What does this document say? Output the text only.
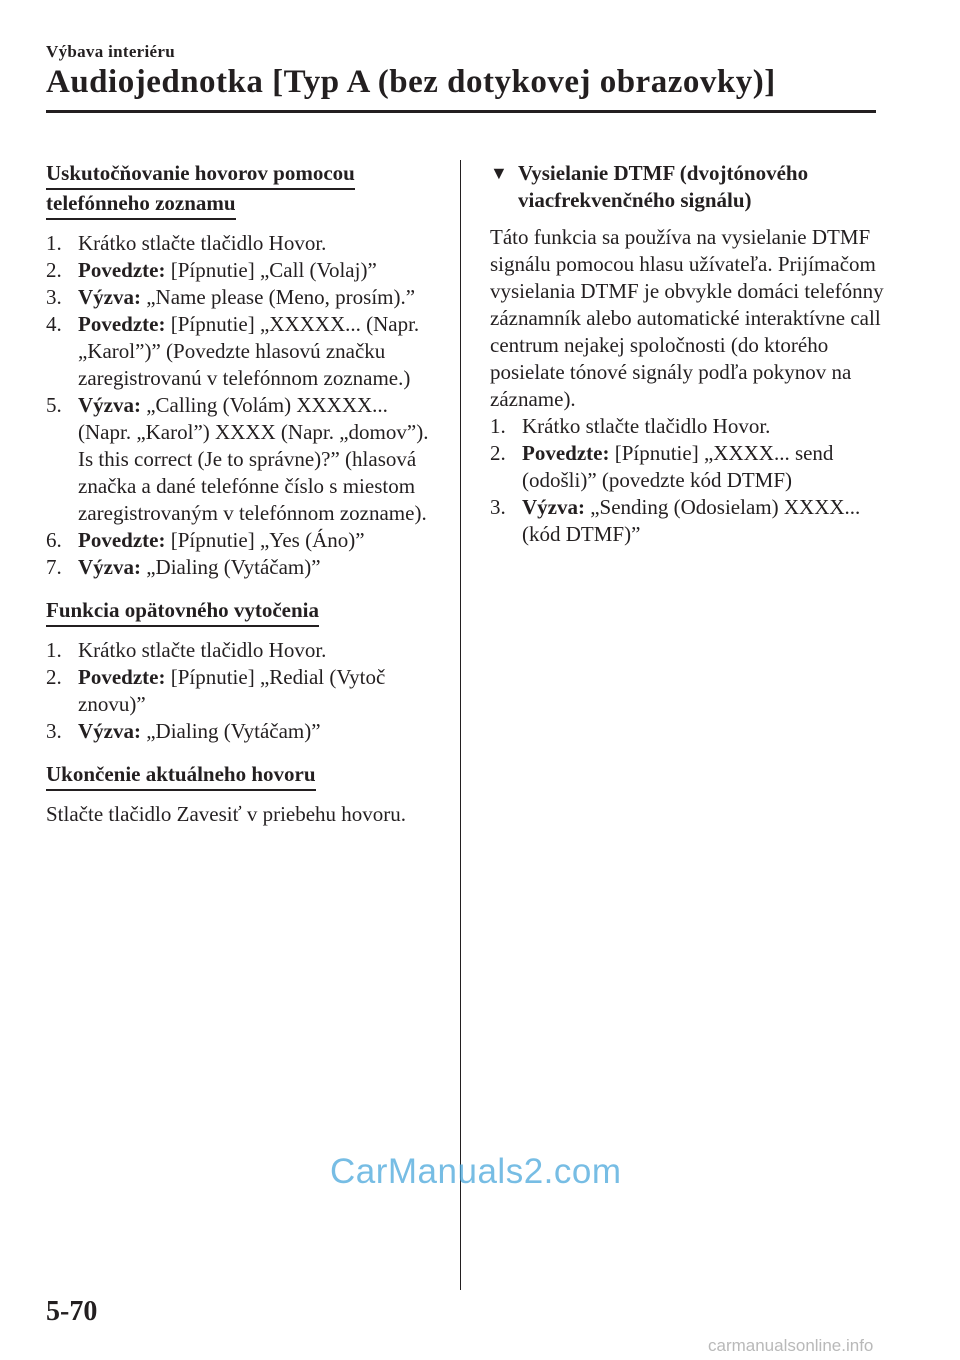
Výbava interiéru
Audiojednotka [Typ A (bez dotykovej obrazovky)]
Uskutočňovanie hovorov pomocou
telefónneho zoznamu
1. Krátko stlačte tlačidlo Hovor.
2. Povedzte: [Pípnutie] „Call (Volaj)”
3. Výzva: „Name please (Meno, prosím).”
4. Povedzte: [Pípnutie] „XXXXX... (Napr. „Karol”)” (Povedzte hlasovú značku zaregistrovanú v telefónnom zozname.)
5. Výzva: „Calling (Volám) XXXXX... (Napr. „Karol”) XXXX (Napr. „domov”). Is this correct (Je to správne)?” (hlasová značka a dané telefónne číslo s miestom zaregistrovaným v telefónnom zozname).
6. Povedzte: [Pípnutie] „Yes (Áno)”
7. Výzva: „Dialing (Vytáčam)”
Funkcia opätovného vytočenia
1. Krátko stlačte tlačidlo Hovor.
2. Povedzte: [Pípnutie] „Redial (Vytoč znovu)”
3. Výzva: „Dialing (Vytáčam)”
Ukončenie aktuálneho hovoru

Stlačte tlačidlo Zavesiť v priebehu hovoru.

▼ Vysielanie DTMF (dvojtónového viacfrekvenčného signálu)

Táto funkcia sa používa na vysielanie DTMF signálu pomocou hlasu užívateľa. Prijímačom vysielania DTMF je obvykle domáci telefónny záznamník alebo automatické interaktívne call centrum nejakej spoločnosti (do ktorého posielate tónové signály podľa pokynov na záznamе).

1. Krátko stlačte tlačidlo Hovor.
2. Povedzte: [Pípnutie] „XXXX... send (odošli)” (povedzte kód DTMF)
3. Výzva: „Sending (Odosielam) XXXX... (kód DTMF)”
CarManuals2.com
5-70
carmanualsonline.info
